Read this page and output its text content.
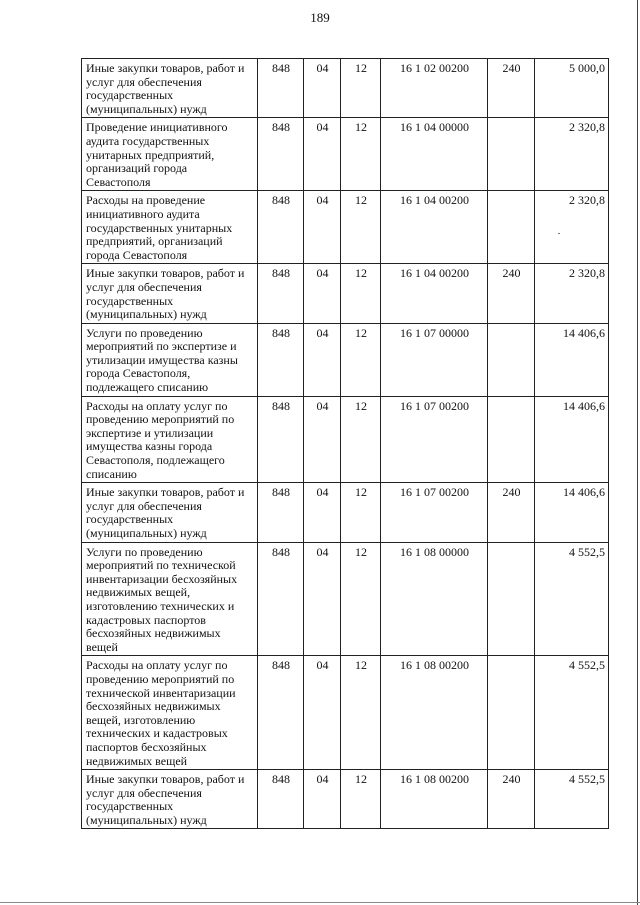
189
Иные закупки товаров, работ и услуг для обеспечения государственных (муниципальных) нужд	848	04	12	16 1 02 00200	240	5 000,0
Проведение инициативного аудита государственных унитарных предприятий, организаций города Севастополя	848	04	12	16 1 04 00000		2 320,8
Расходы на проведение инициативного аудита государственных унитарных предприятий, организаций города Севастополя	848	04	12	16 1 04 00200		2 320,8
Иные закупки товаров, работ и услуг для обеспечения государственных (муниципальных) нужд	848	04	12	16 1 04 00200	240	2 320,8
Услуги по проведению мероприятий по экспертизе и утилизации имущества казны города Севастополя, подлежащего списанию	848	04	12	16 1 07 00000		14 406,6
Расходы на оплату услуг по проведению мероприятий по экспертизе и утилизации имущества казны города Севастополя, подлежащего списанию	848	04	12	16 1 07 00200		14 406,6
Иные закупки товаров, работ и услуг для обеспечения государственных (муниципальных) нужд	848	04	12	16 1 07 00200	240	14 406,6
Услуги по проведению мероприятий по технической инвентаризации бесхозяйных недвижимых вещей, изготовлению технических и кадастровых паспортов бесхозяйных недвижимых вещей	848	04	12	16 1 08 00000		4 552,5
Расходы на оплату услуг по проведению мероприятий по технической инвентаризации бесхозяйных недвижимых вещей, изготовлению технических и кадастровых паспортов бесхозяйных недвижимых вещей	848	04	12	16 1 08 00200		4 552,5
Иные закупки товаров, работ и услуг для обеспечения государственных (муниципальных) нужд	848	04	12	16 1 08 00200	240	4 552,5
